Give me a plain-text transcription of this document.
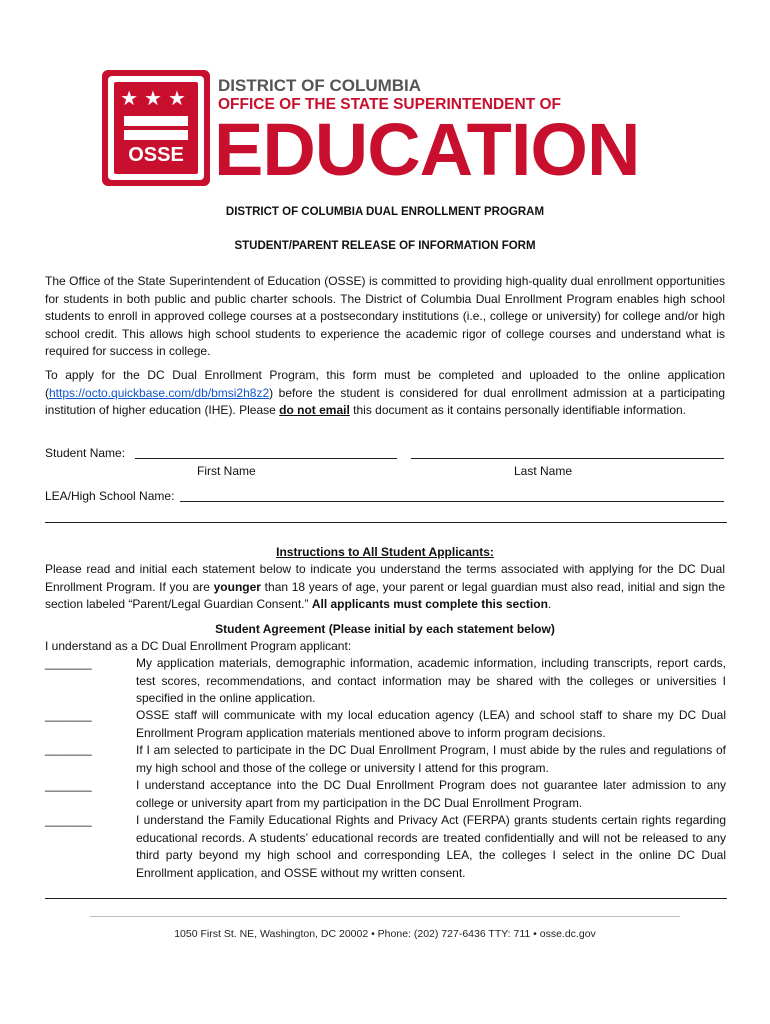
★★★
OSSE
DISTRICT OF COLUMBIA
OFFICE OF THE STATE SUPERINTENDENT OF
EDUCATION
DISTRICT OF COLUMBIA DUAL ENROLLMENT PROGRAM
STUDENT/PARENT RELEASE OF INFORMATION FORM
The Office of the State Superintendent of Education (OSSE) is committed to providing high-quality dual enrollment opportunities for students in both public and public charter schools. The District of Columbia Dual Enrollment Program enables high school students to enroll in approved college courses at a postsecondary institutions (i.e., college or university) for college and/or high school credit. This allows high school students to experience the academic rigor of college courses and understand what is required for success in college.
To apply for the DC Dual Enrollment Program, this form must be completed and uploaded to the online application (https://octo.quickbase.com/db/bmsi2h8z2) before the student is considered for dual enrollment admission at a participating institution of higher education (IHE). Please do not email this document as it contains personally identifiable information.
Student Name:
First Name	Last Name
LEA/High School Name:
Instructions to All Student Applicants:
Please read and initial each statement below to indicate you understand the terms associated with applying for the DC Dual Enrollment Program. If you are younger than 18 years of age, your parent or legal guardian must also read, initial and sign the section labeled “Parent/Legal Guardian Consent.” All applicants must complete this section.
Student Agreement (Please initial by each statement below)
I understand as a DC Dual Enrollment Program applicant:
_______	My application materials, demographic information, academic information, including transcripts, report cards, test scores, recommendations, and contact information may be shared with the colleges or universities I specified in the online application.
_______	OSSE staff will communicate with my local education agency (LEA) and school staff to share my DC Dual Enrollment Program application materials mentioned above to inform program decisions.
_______	If I am selected to participate in the DC Dual Enrollment Program, I must abide by the rules and regulations of my high school and those of the college or university I attend for this program.
_______	I understand acceptance into the DC Dual Enrollment Program does not guarantee later admission to any college or university apart from my participation in the DC Dual Enrollment Program.
_______	I understand the Family Educational Rights and Privacy Act (FERPA) grants students certain rights regarding educational records. A students’ educational records are treated confidentially and will not be released to any third party beyond my high school and corresponding LEA, the colleges I select in the online DC Dual Enrollment application, and OSSE without my written consent.
1050 First St. NE, Washington, DC 20002 • Phone: (202) 727-6436 TTY: 711 • osse.dc.gov
